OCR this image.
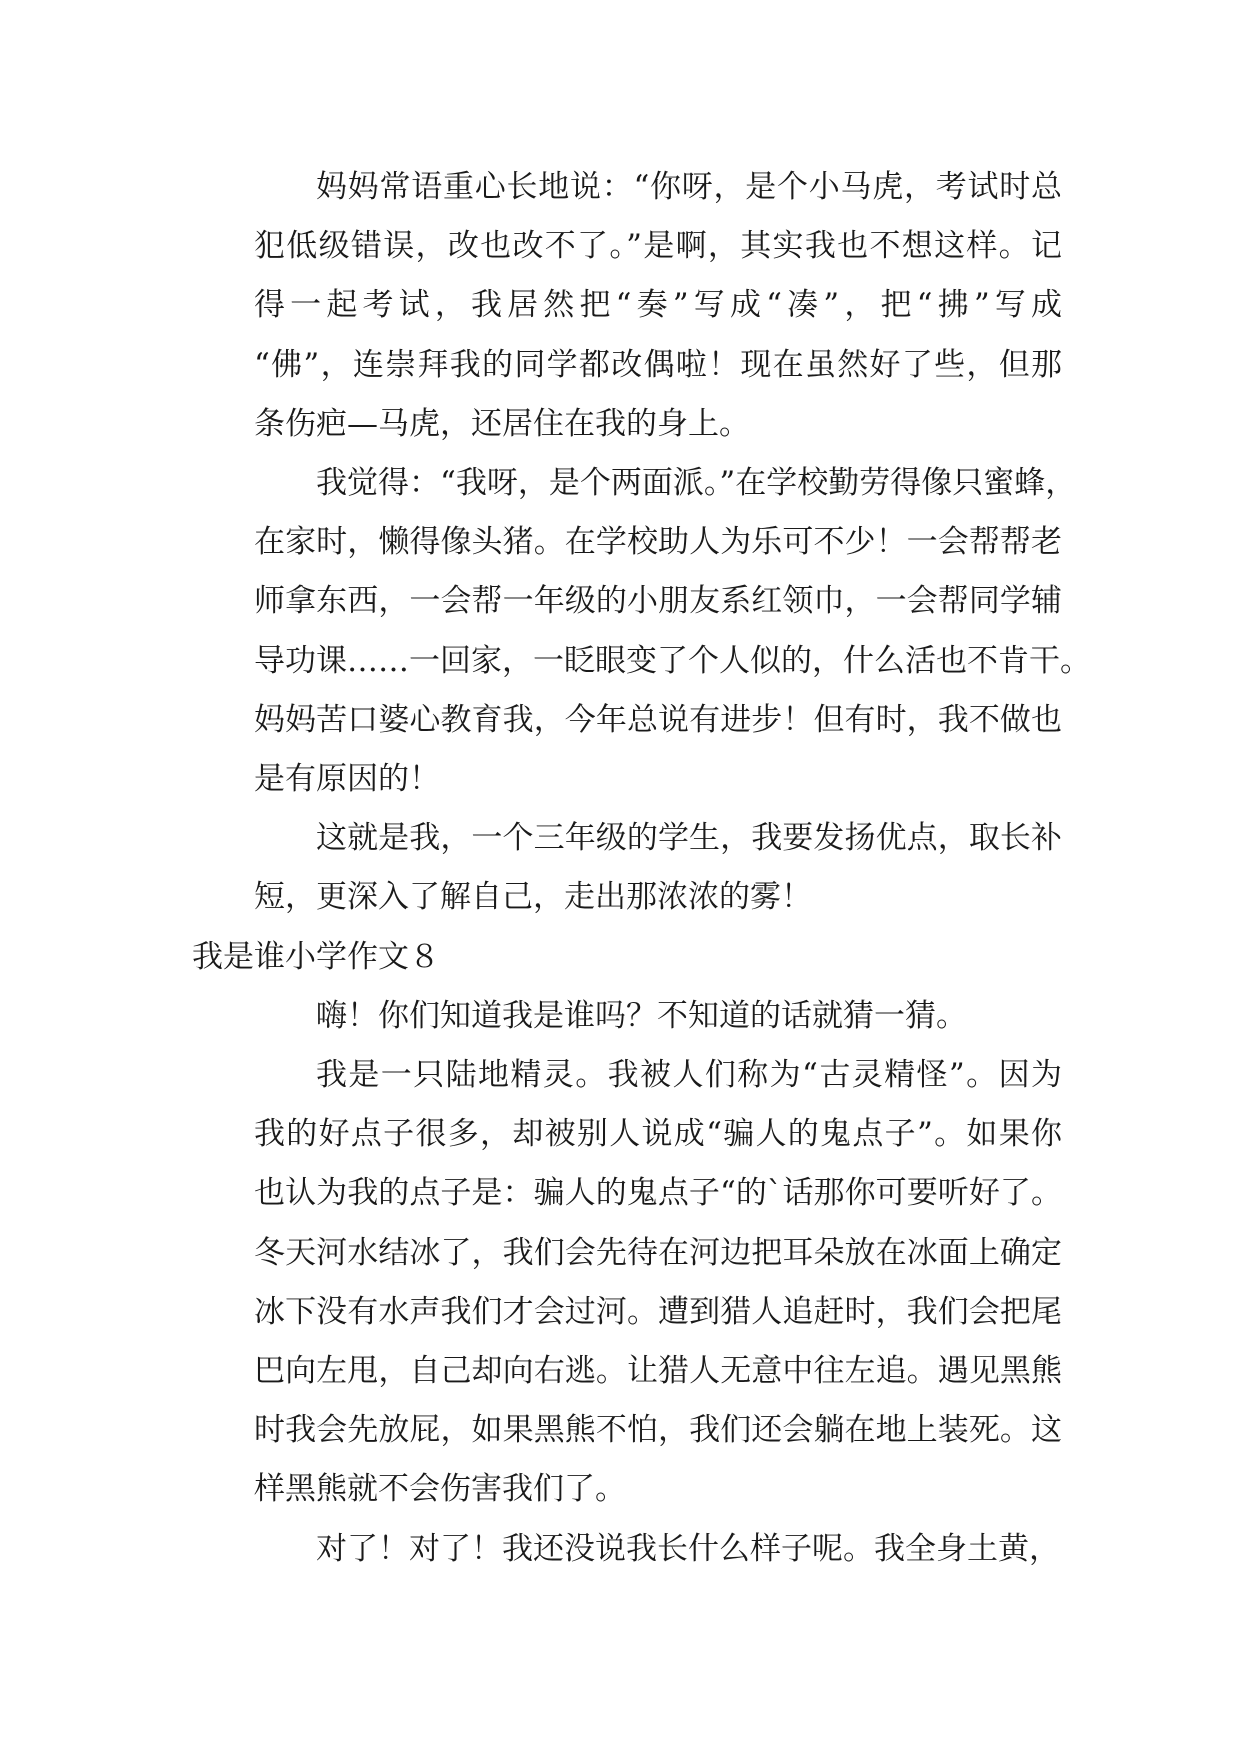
妈妈常语重心长地说：“你呀，是个小马虎，考试时总
犯低级错误，改也改不了。”是啊，其实我也不想这样。记
得一起考试，我居然把“奏”写成“凑”，把“拂”写成
“佛”，连崇拜我的同学都改偶啦！现在虽然好了些，但那
条伤疤—马虎，还居住在我的身上。
我觉得：“我呀，是个两面派。”在学校勤劳得像只蜜蜂，
在家时，懒得像头猪。在学校助人为乐可不少！一会帮帮老
师拿东西，一会帮一年级的小朋友系红领巾，一会帮同学辅
导功课……一回家，一眨眼变了个人似的，什么活也不肯干。
妈妈苦口婆心教育我，今年总说有进步！但有时，我不做也
是有原因的！
这就是我，一个三年级的学生，我要发扬优点，取长补
短，更深入了解自己，走出那浓浓的雾！
我是谁小学作文８
嗨！你们知道我是谁吗？不知道的话就猜一猜。
我是一只陆地精灵。我被人们称为“古灵精怪”。因为
我的好点子很多，却被别人说成“骗人的鬼点子”。如果你
也认为我的点子是：骗人的鬼点子“的`话那你可要听好了。
冬天河水结冰了，我们会先待在河边把耳朵放在冰面上确定
冰下没有水声我们才会过河。遭到猎人追赶时，我们会把尾
巴向左甩，自己却向右逃。让猎人无意中往左追。遇见黑熊
时我会先放屁，如果黑熊不怕，我们还会躺在地上装死。这
样黑熊就不会伤害我们了。
对了！对了！我还没说我长什么样子呢。我全身土黄，
